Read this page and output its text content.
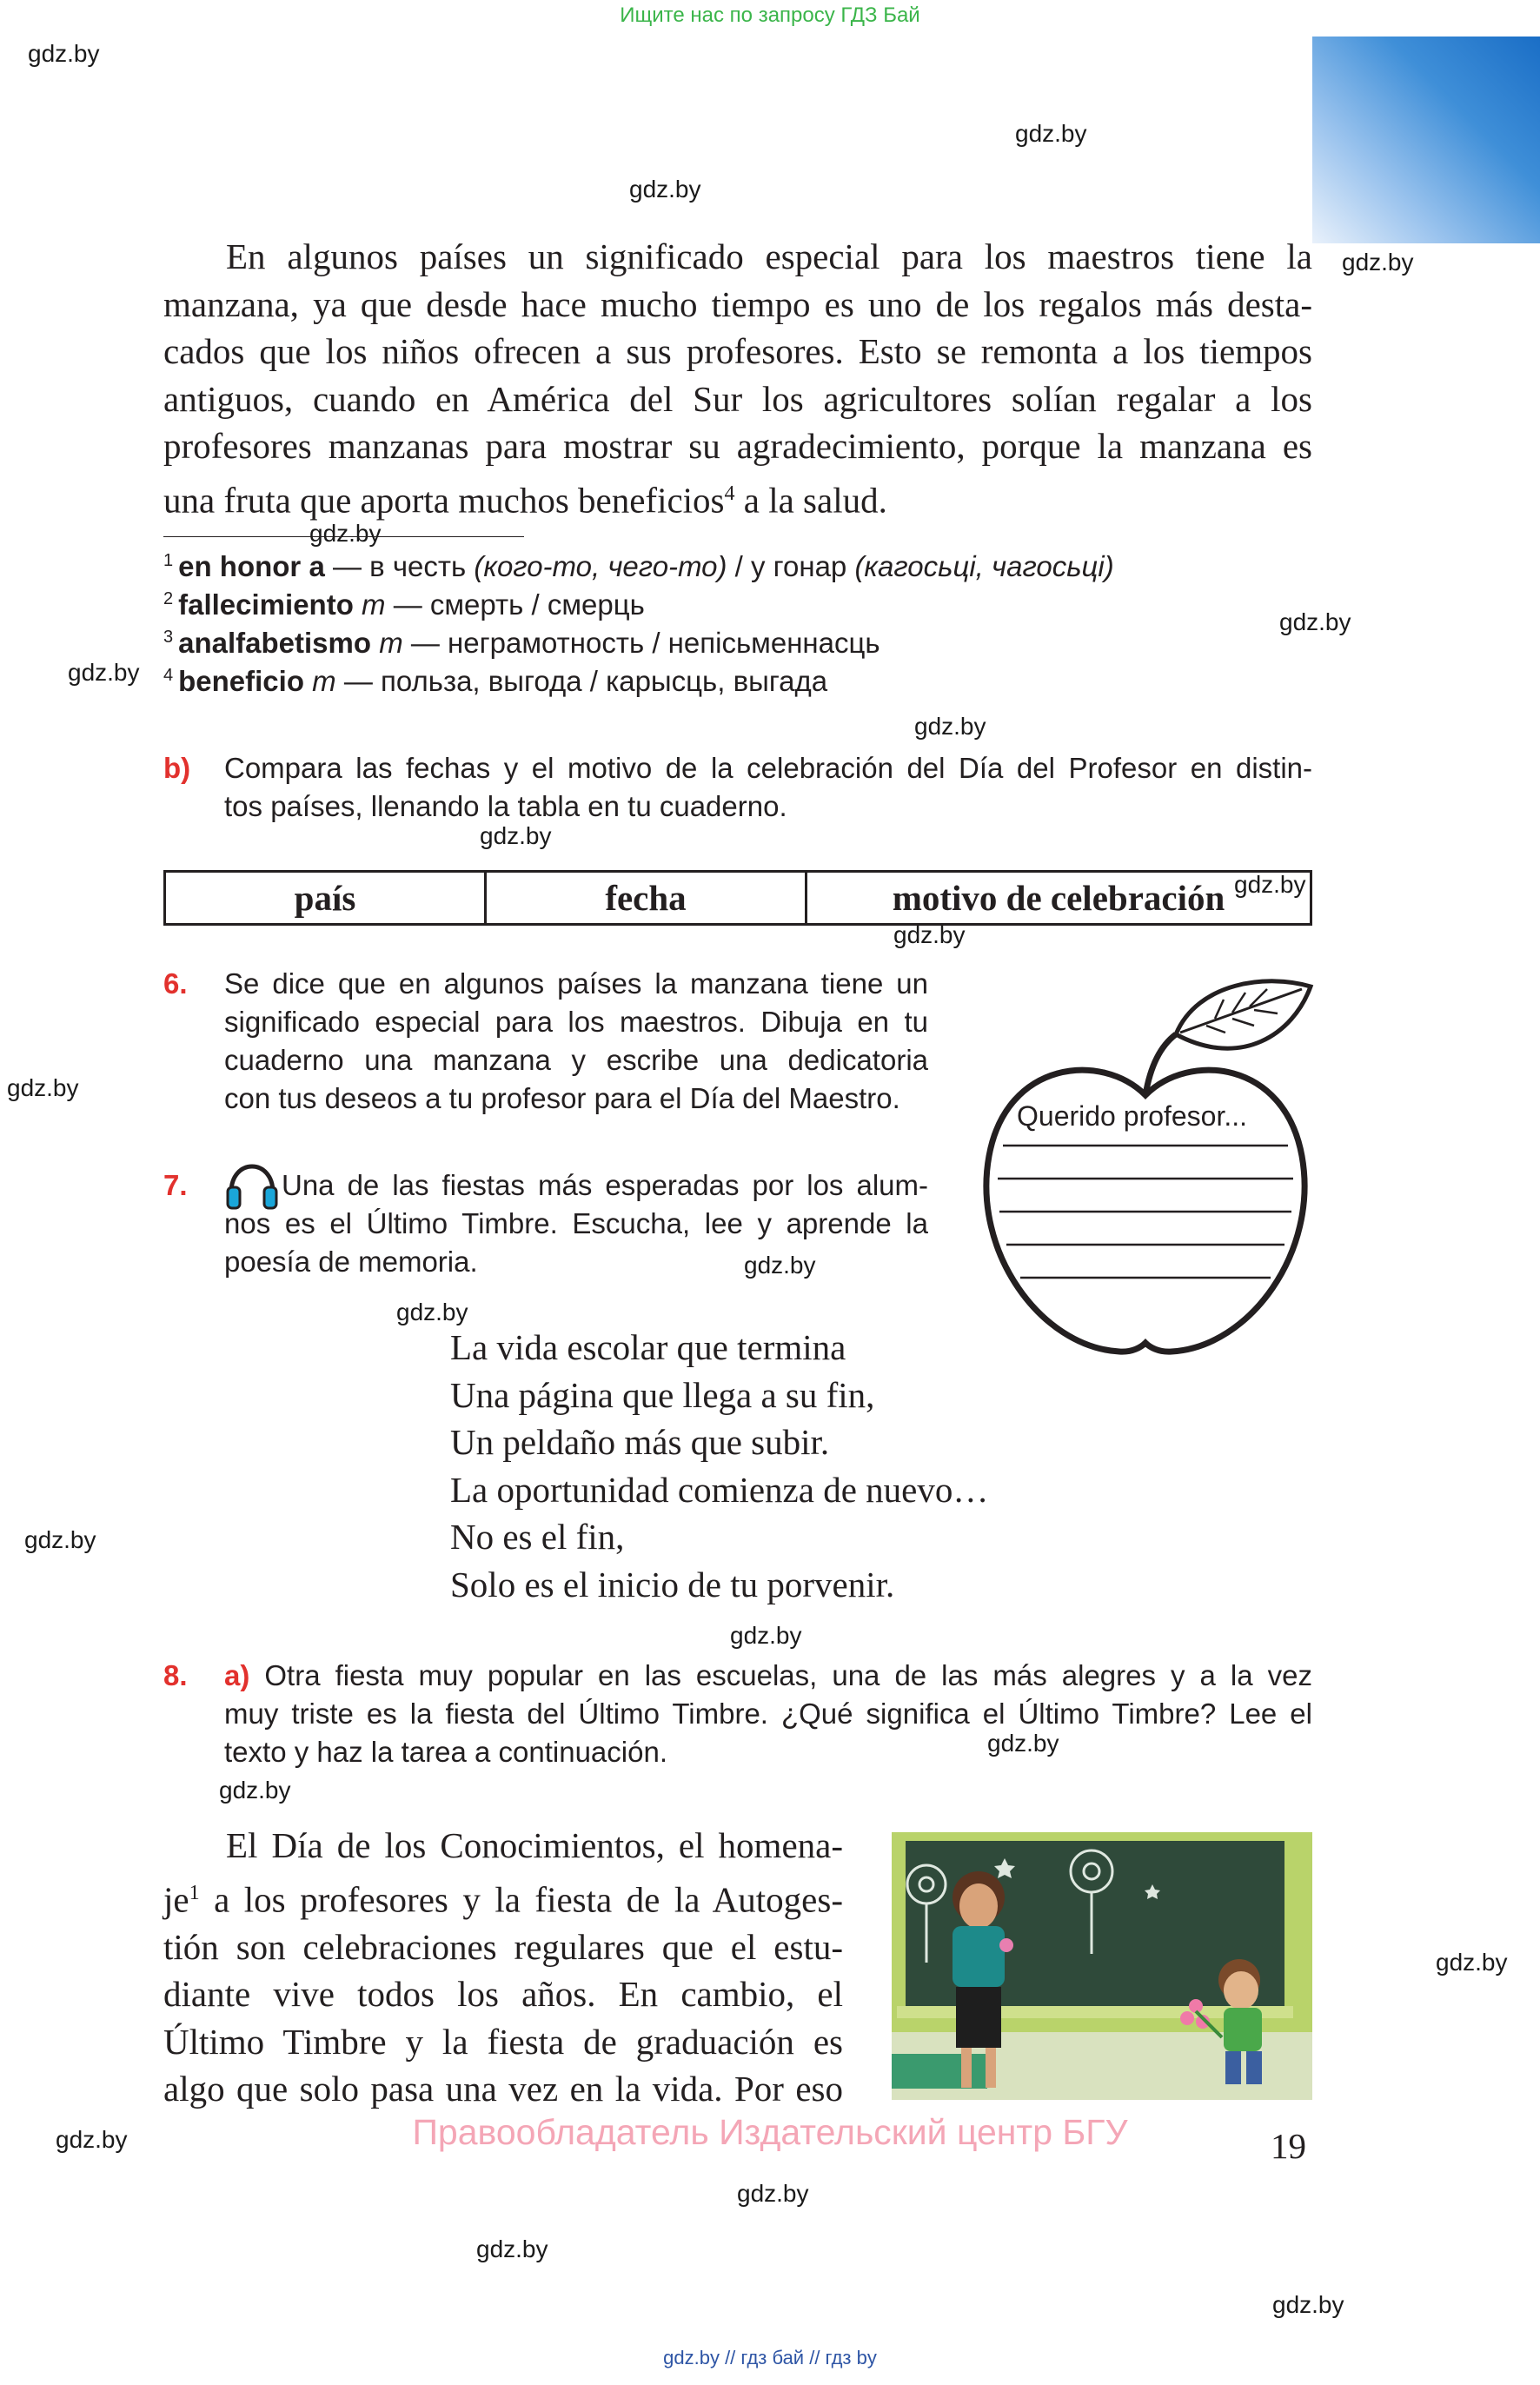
Ищите нас по запросу ГДЗ Бай
gdz.by
gdz.by
gdz.by
gdz.by
gdz.by
gdz.by
gdz.by
gdz.by
gdz.by
gdz.by
gdz.by
gdz.by
gdz.by
gdz.by
gdz.by
gdz.by
gdz.by
gdz.by
gdz.by
gdz.by
gdz.by
gdz.by
gdz.by
En algunos países un significado especial para los maestros tiene la
manzana, ya que desde hace mucho tiempo es uno de los regalos más desta-
cados que los niños ofrecen a sus profesores. Esto se remonta a los tiempos
antiguos, cuando en América del Sur los agricultores solían regalar a los
profesores manzanas para mostrar su agradecimiento, porque la manzana es
una fruta que aporta muchos beneficios$^4$ a la salud.
$^1$ en honor a — в честь (кого-то, чего-то) / у гонар (кагосьці, чагосьці)
$^2$ fallecimiento m — смерть / смерць
$^3$ analfabetismo m — неграмотность / непісьменнасць
$^4$ beneficio m — польза, выгода / карысць, выгада
b) Compara las fechas y el motivo de la celebración del Día del Profesor en distin-
tos países, llenando la tabla en tu cuaderno.
país	fecha	motivo de celebración
6. Se dice que en algunos países la manzana tiene un
significado especial para los maestros. Dibuja en tu
cuaderno una manzana y escribe una dedicatoria
con tus deseos a tu profesor para el Día del Maestro.
Querido profesor...
7.	Una de las fiestas más esperadas por los alum-
nos es el Último Timbre. Escucha, lee y aprende la
poesía de memoria.
La vida escolar que termina
Una página que llega a su fin,
Un peldaño más que subir.
La oportunidad comienza de nuevo…
No es el fin,
Solo es el inicio de tu porvenir.
8. a) Otra fiesta muy popular en las escuelas, una de las más alegres y a la vez
muy triste es la fiesta del Último Timbre. ¿Qué significa el Último Timbre? Lee el
texto y haz la tarea a continuación.
El Día de los Conocimientos, el homena-
$je^1$ a los profesores y la fiesta de la Autoges-
tión son celebraciones regulares que el estu-
diante vive todos los años. En cambio, el
Último Timbre y la fiesta de graduación es
algo que solo pasa una vez en la vida. Por eso
Правообладатель Издательский центр БГУ	19
gdz.by // гдз бай // гдз by
